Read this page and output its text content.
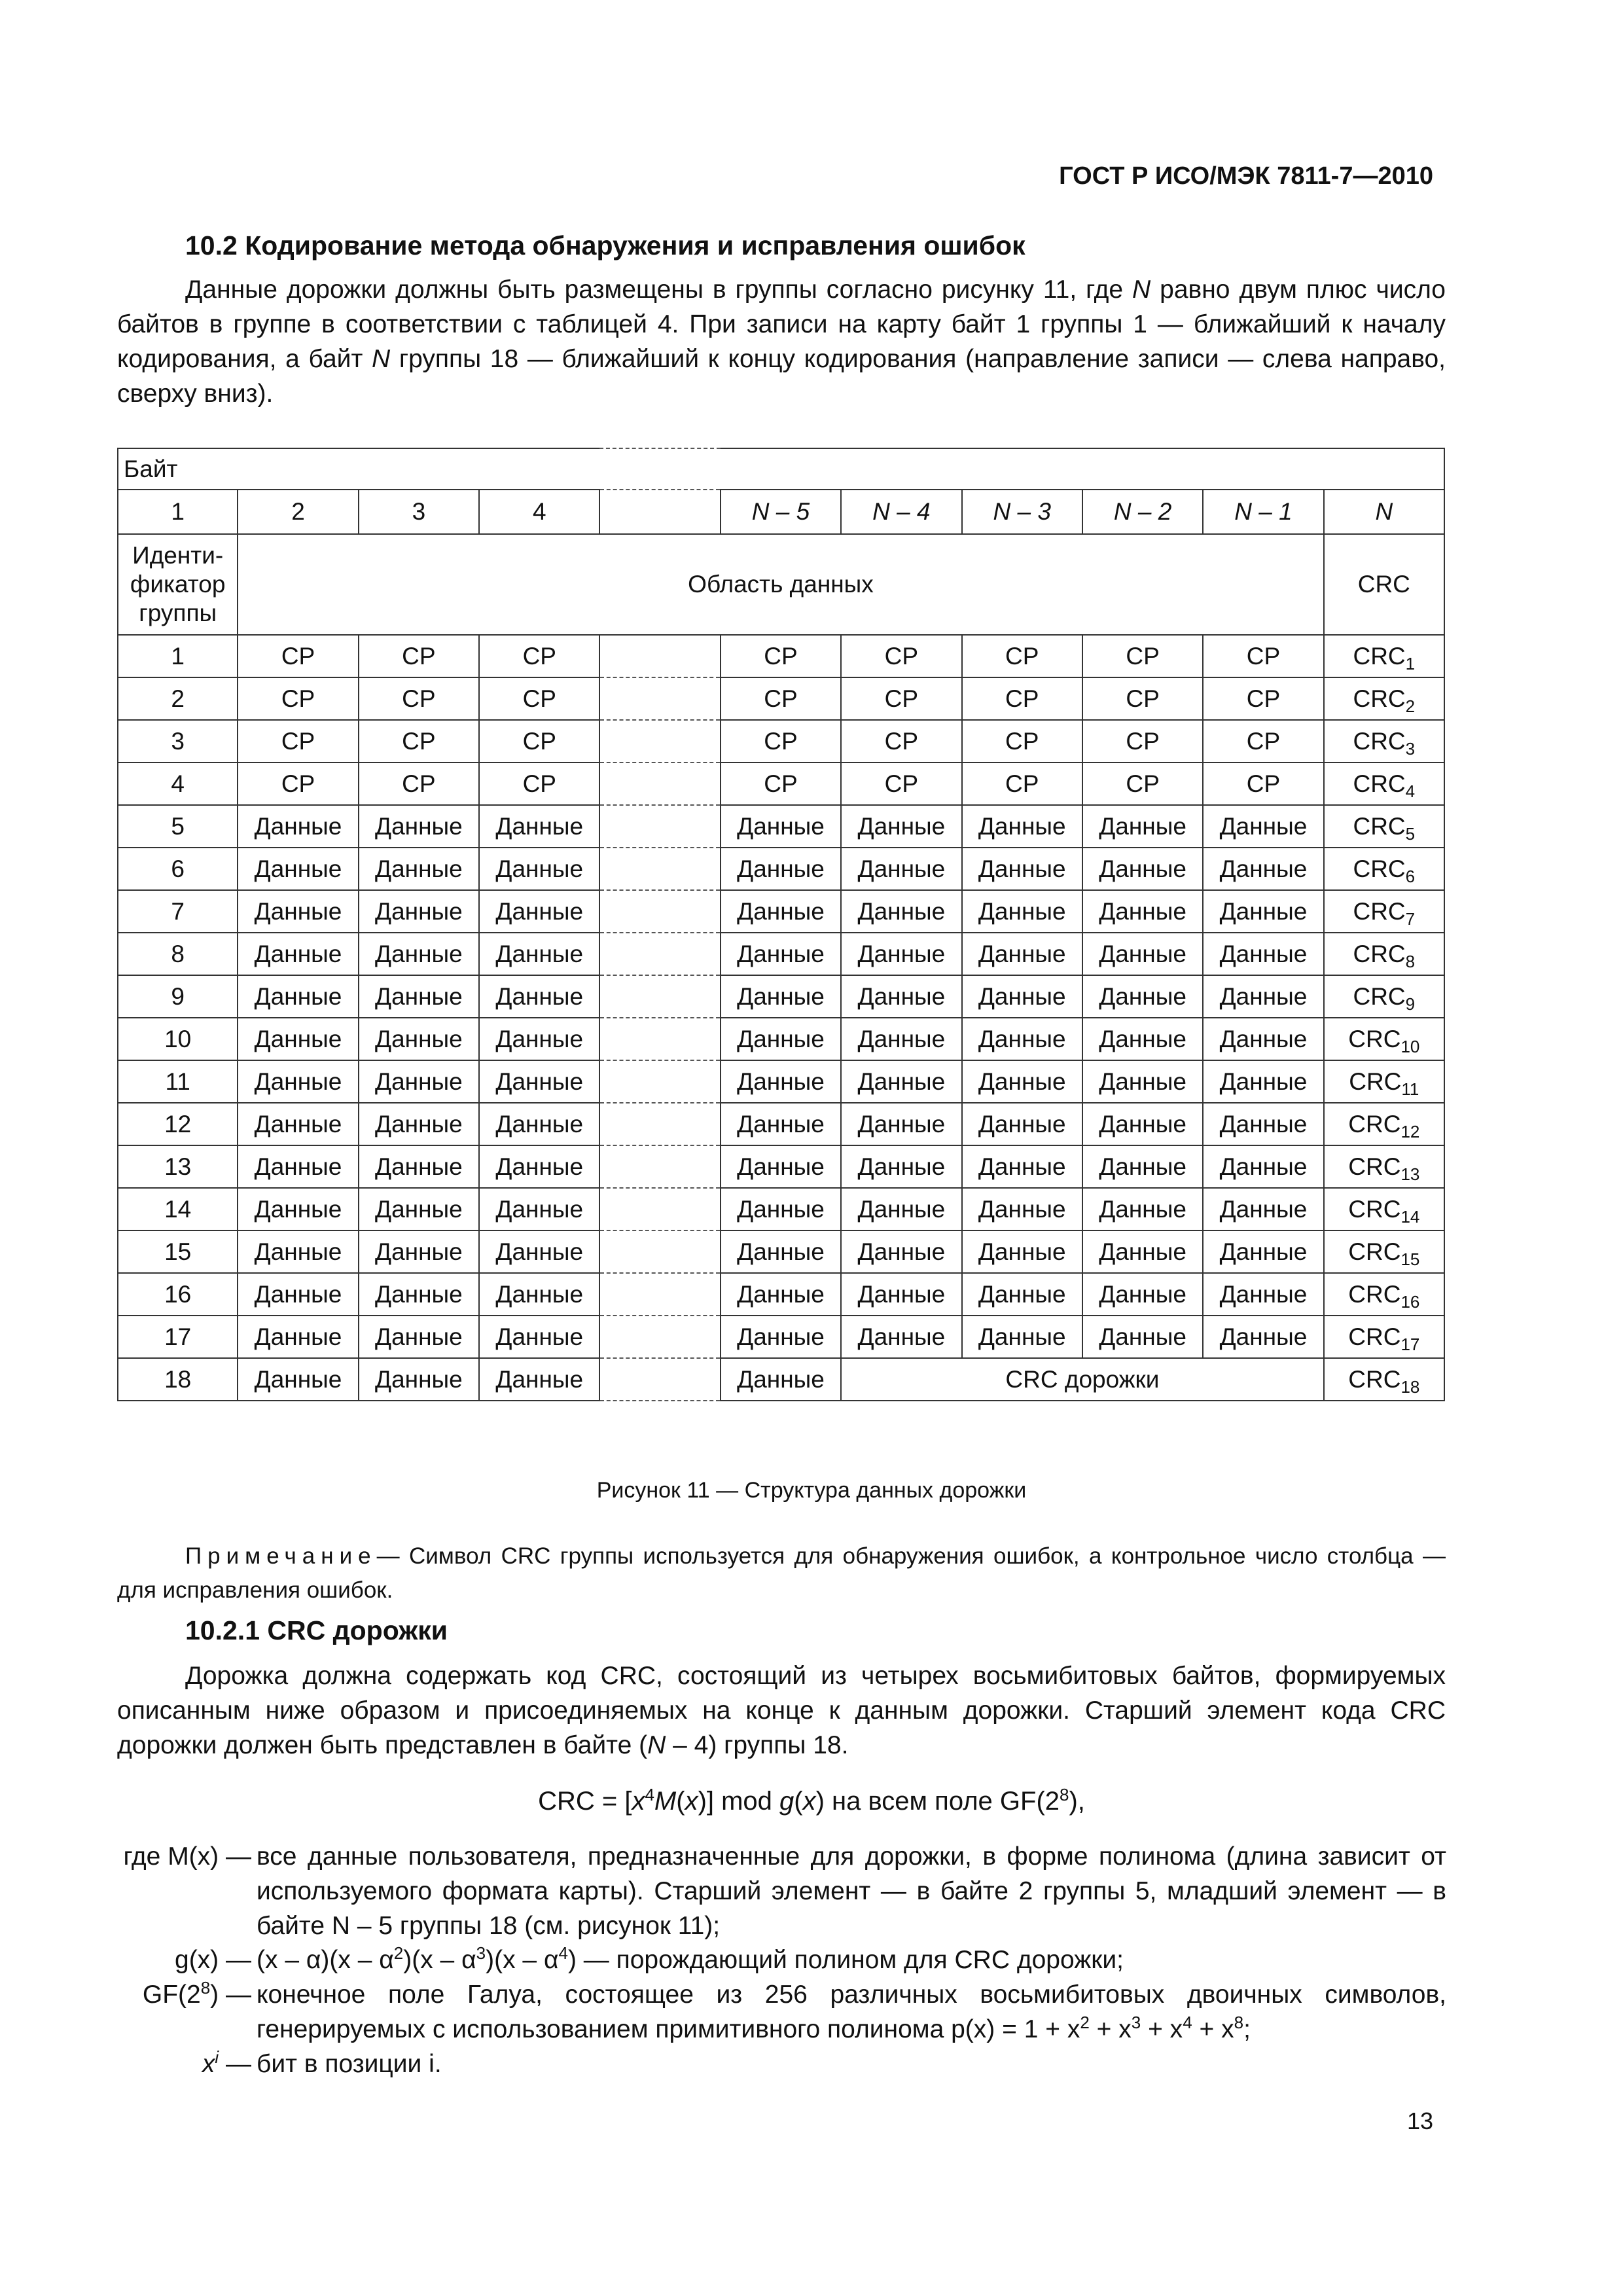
ГОСТ Р ИСО/МЭК 7811-7—2010
10.2 Кодирование метода обнаружения и исправления ошибок
Данные дорожки должны быть размещены в группы согласно рисунку 11, где N равно двум плюс число байтов в группе в соответствии с таблицей 4. При записи на карту байт 1 группы 1 — ближайший к началу кодирования, а байт N группы 18 — ближайший к концу кодирования (направление записи — слева направо, сверху вниз).
Байт										
1	2	3	4		N – 5	N – 4	N – 3	N – 2	N – 1	N
Иденти-фикатор группы	Область данных									CRC
1	CP	CP	CP		CP	CP	CP	CP	CP	$CRC_1$
2	CP	CP	CP		CP	CP	CP	CP	CP	$CRC_2$
3	CP	CP	CP		CP	CP	CP	CP	CP	$CRC_3$
4	CP	CP	CP		CP	CP	CP	CP	CP	$CRC_4$
5	Данные	Данные	Данные		Данные	Данные	Данные	Данные	Данные	$CRC_5$
6	Данные	Данные	Данные		Данные	Данные	Данные	Данные	Данные	$CRC_6$
7	Данные	Данные	Данные		Данные	Данные	Данные	Данные	Данные	$CRC_7$
8	Данные	Данные	Данные		Данные	Данные	Данные	Данные	Данные	$CRC_8$
9	Данные	Данные	Данные		Данные	Данные	Данные	Данные	Данные	$CRC_9$
10	Данные	Данные	Данные		Данные	Данные	Данные	Данные	Данные	$CRC_{10}$
11	Данные	Данные	Данные		Данные	Данные	Данные	Данные	Данные	$CRC_{11}$
12	Данные	Данные	Данные		Данные	Данные	Данные	Данные	Данные	$CRC_{12}$
13	Данные	Данные	Данные		Данные	Данные	Данные	Данные	Данные	$CRC_{13}$
14	Данные	Данные	Данные		Данные	Данные	Данные	Данные	Данные	$CRC_{14}$
15	Данные	Данные	Данные		Данные	Данные	Данные	Данные	Данные	$CRC_{15}$
16	Данные	Данные	Данные		Данные	Данные	Данные	Данные	Данные	$CRC_{16}$
17	Данные	Данные	Данные		Данные	Данные	Данные	Данные	Данные	$CRC_{17}$
18	Данные	Данные	Данные		Данные	CRC дорожки				$CRC_{18}$
Рисунок 11 — Структура данных дорожки
Примечание— Символ CRC группы используется для обнаружения ошибок, а контрольное число столбца — для исправления ошибок.
10.2.1 CRC дорожки
Дорожка должна содержать код CRC, состоящий из четырех восьмибитовых байтов, формируемых описанным ниже образом и присоединяемых на конце к данным дорожки. Старший элемент кода CRC дорожки должен быть представлен в байте (N – 4) группы 18.
CRC = $[x^4M(x)]$ mod g(x) на всем поле $GF(2^8)$,
где M(x) — все данные пользователя, предназначенные для дорожки, в форме полинома (длина зависит от используемого формата карты). Старший элемент — в байте 2 группы 5, младший элемент — в байте N – 5 группы 18 (см. рисунок 11);
g(x) — $(x - \alpha)(x - \alpha^2)(x - \alpha^3)(x - \alpha^4)$ — порождающий полином для CRC дорожки;
$GF(2^8)$ — конечное поле Галуа, состоящее из 256 различных восьмибитовых двоичных символов, генерируемых с использованием примитивного полинома $p(x) = 1 + x^2 + x^3 + x^4 + x^8$;
$x^i$ — бит в позиции i.
13
